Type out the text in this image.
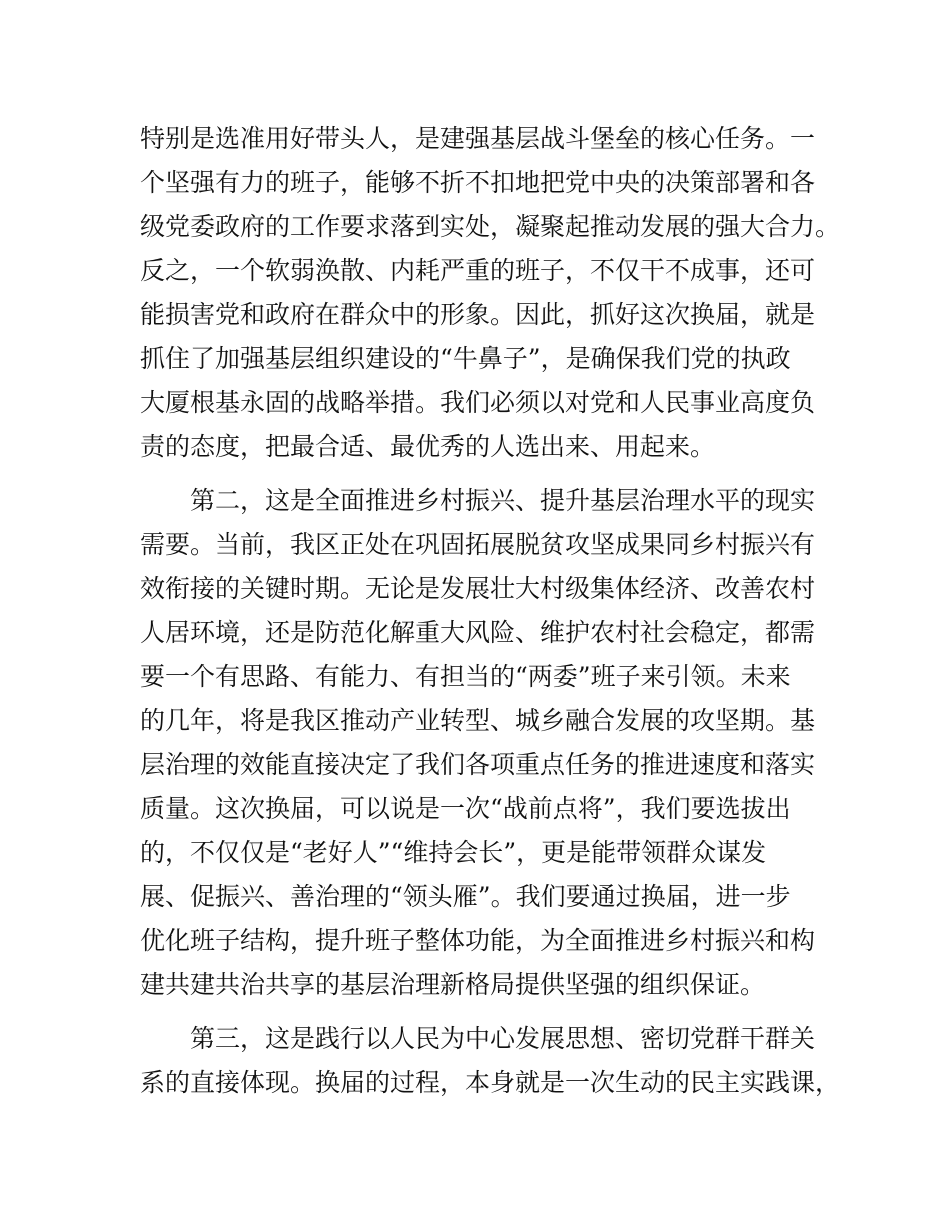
特别是选准用好带头人，是建强基层战斗堡垒的核心任务。一
个坚强有力的班子，能够不折不扣地把党中央的决策部署和各
级党委政府的工作要求落到实处，凝聚起推动发展的强大合力。
反之，一个软弱涣散、内耗严重的班子，不仅干不成事，还可
能损害党和政府在群众中的形象。因此，抓好这次换届，就是
抓住了加强基层组织建设的“牛鼻子”，是确保我们党的执政
大厦根基永固的战略举措。我们必须以对党和人民事业高度负
责的态度，把最合适、最优秀的人选出来、用起来。
　　第二，这是全面推进乡村振兴、提升基层治理水平的现实
需要。当前，我区正处在巩固拓展脱贫攻坚成果同乡村振兴有
效衔接的关键时期。无论是发展壮大村级集体经济、改善农村
人居环境，还是防范化解重大风险、维护农村社会稳定，都需
要一个有思路、有能力、有担当的“两委”班子来引领。未来
的几年，将是我区推动产业转型、城乡融合发展的攻坚期。基
层治理的效能直接决定了我们各项重点任务的推进速度和落实
质量。这次换届，可以说是一次“战前点将”，我们要选拔出
的，不仅仅是“老好人”“维持会长”，更是能带领群众谋发
展、促振兴、善治理的“领头雁”。我们要通过换届，进一步
优化班子结构，提升班子整体功能，为全面推进乡村振兴和构
建共建共治共享的基层治理新格局提供坚强的组织保证。
　　第三，这是践行以人民为中心发展思想、密切党群干群关
系的直接体现。换届的过程，本身就是一次生动的民主实践课，
